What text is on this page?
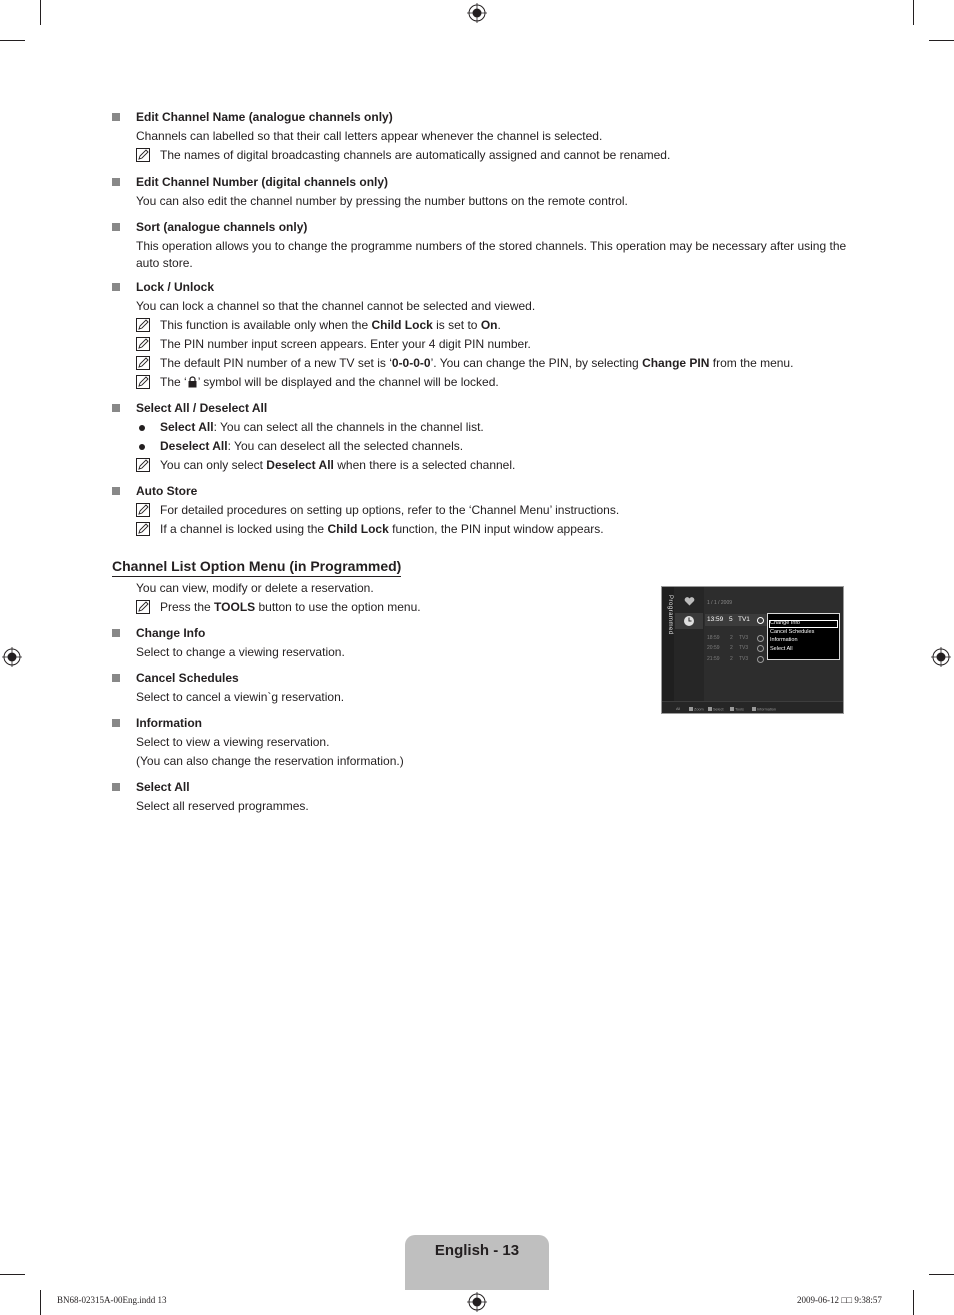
Edit Channel Name (analogue channels only)
Channels can labelled so that their call letters appear whenever the channel is selected.
The names of digital broadcasting channels are automatically assigned and cannot be renamed.
Edit Channel Number (digital channels only)
You can also edit the channel number by pressing the number buttons on the remote control.
Sort (analogue channels only)
This operation allows you to change the programme numbers of the stored channels. This operation may be necessary after using the auto store.
Lock / Unlock
You can lock a channel so that the channel cannot be selected and viewed.
This function is available only when the Child Lock is set to On.
The PIN number input screen appears. Enter your 4 digit PIN number.
The default PIN number of a new TV set is ‘0-0-0-0’. You can change the PIN, by selecting Change PIN from the menu.
The ‘ ’ symbol will be displayed and the channel will be locked.
Select All / Deselect All
Select All: You can select all the channels in the channel list.
Deselect All: You can deselect all the selected channels.
You can only select Deselect All when there is a selected channel.
Auto Store
For detailed procedures on setting up options, refer to the ‘Channel Menu’ instructions.
If a channel is locked using the Child Lock function, the PIN input window appears.
Channel List Option Menu (in Programmed)
You can view, modify or delete a reservation.
Press the TOOLS button to use the option menu.
Change Info
Select to change a viewing reservation.
Cancel Schedules
Select to cancel a viewin`g reservation.
Information
Select to view a viewing reservation.
(You can also change the reservation information.)
Select All
Select all reserved programmes.
Programmed	1 / 1 / 2009
13:59 5 TV1
18:59 2 TV3
20:59 2 TV3
21:59 2 TV3
Change Info
Cancel Schedules
Information
Select All
All	Zoom	Select	Tools	Information
English - 13
BN68-02315A-00Eng.indd 13	2009-06-12 □□ 9:38:57
